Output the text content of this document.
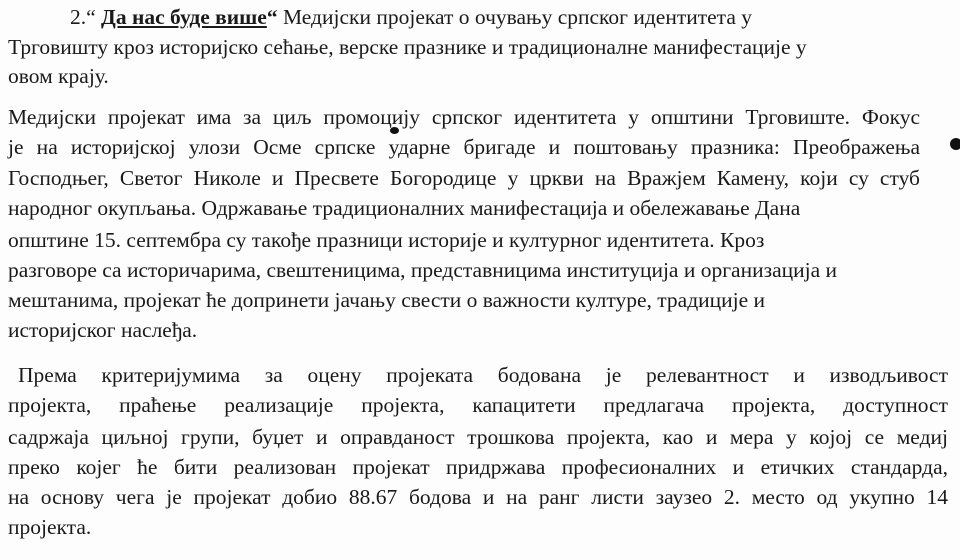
2.“ Да нас буде више“ Медијски пројекат о очувању српског идентитета у
Трговишту кроз историјско сећање, верске празнике и традиционалне манифестације у
овом крају.
Медијски пројекат има за циљ промоцију српског идентитета у општини Трговиште. Фокус
је на историјској улози Осме српске ударне бригаде и поштовању празника: Преображења
Господњег, Светог Николе и Пресвете Богородице у цркви на Вражјем Камену, који су стуб
народног окупљања. Одржавање традиционалних манифестација и обележавање Дана
општине 15. септембра су такође празници историје и културног идентитета. Кроз
разговоре са историчарима, свештеницима, представницима институција и организација и
мештанима, пројекат ће допринети јачању свести о важности културе, традиције и
историјског наслеђа.
Према критеријумима за оцену пројеката бодована је релевантност и изводљивост
пројекта, праћење реализације пројекта, капацитети предлагача пројекта, доступност
садржаја циљној групи, буџет и оправданост трошкова пројекта, као и мера у којој се медиј
преко којег ће бити реализован пројекат придржава професионалних и етичких стандарда,
на основу чега је пројекат добио 88.67 бодова и на ранг листи заузео 2. место од укупно 14
пројекта.
